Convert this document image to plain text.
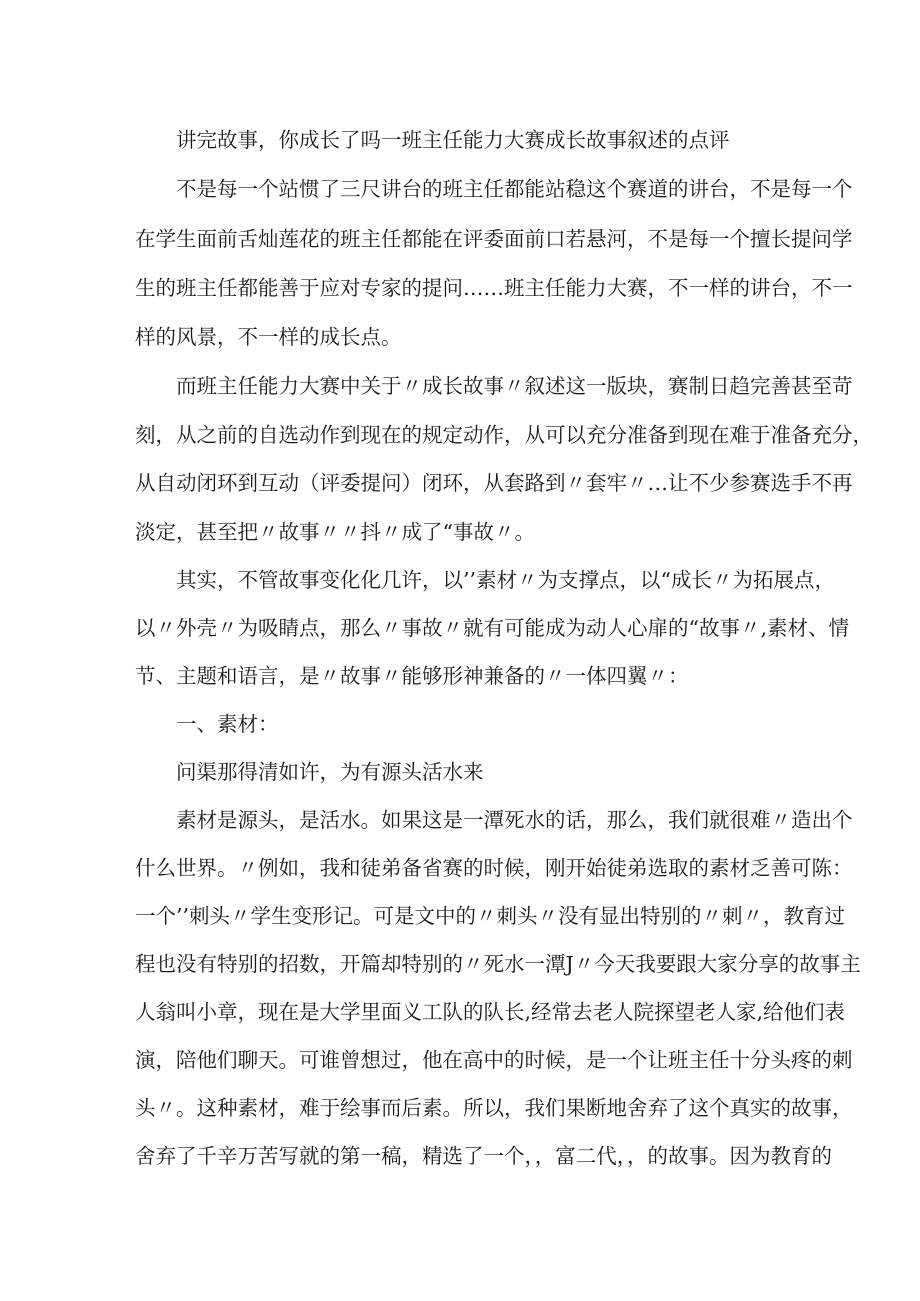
讲完故事，你成长了吗一班主任能力大赛成长故事叙述的点评
不是每一个站惯了三尺讲台的班主任都能站稳这个赛道的讲台，不是每一个
在学生面前舌灿莲花的班主任都能在评委面前口若悬河，不是每一个擅长提问学
生的班主任都能善于应对专家的提问……班主任能力大赛，不一样的讲台，不一
样的风景，不一样的成长点。
而班主任能力大赛中关于〃成长故事〃叙述这一版块，赛制日趋完善甚至苛
刻，从之前的自选动作到现在的规定动作，从可以充分准备到现在难于准备充分，
从自动闭环到互动（评委提问）闭环，从套路到〃套牢〃…让不少参赛选手不再
淡定，甚至把〃故事〃〃抖〃成了“事故〃。
其实，不管故事变化化几许，以’’素材〃为支撑点，以“成长〃为拓展点，
以〃外壳〃为吸睛点，那么〃事故〃就有可能成为动人心扉的“故事〃,素材、情
节、主题和语言，是〃故事〃能够形神兼备的〃一体四翼〃：
一、素材：
问渠那得清如许，为有源头活水来
素材是源头，是活水。如果这是一潭死水的话，那么，我们就很难〃造出个
什么世界。〃例如，我和徒弟备省赛的时候，刚开始徒弟选取的素材乏善可陈：
一个’’刺头〃学生变形记。可是文中的〃刺头〃没有显出特别的〃刺〃，教育过
程也没有特别的招数，开篇却特别的〃死水一潭J〃今天我要跟大家分享的故事主
人翁叫小章，现在是大学里面义工队的队长,经常去老人院探望老人家,给他们表
演，陪他们聊天。可谁曾想过，他在高中的时候，是一个让班主任十分头疼的刺
头〃。这种素材，难于绘事而后素。所以，我们果断地舍弃了这个真实的故事，
舍弃了千辛万苦写就的第一稿，精选了一个，，富二代，，的故事。因为教育的
